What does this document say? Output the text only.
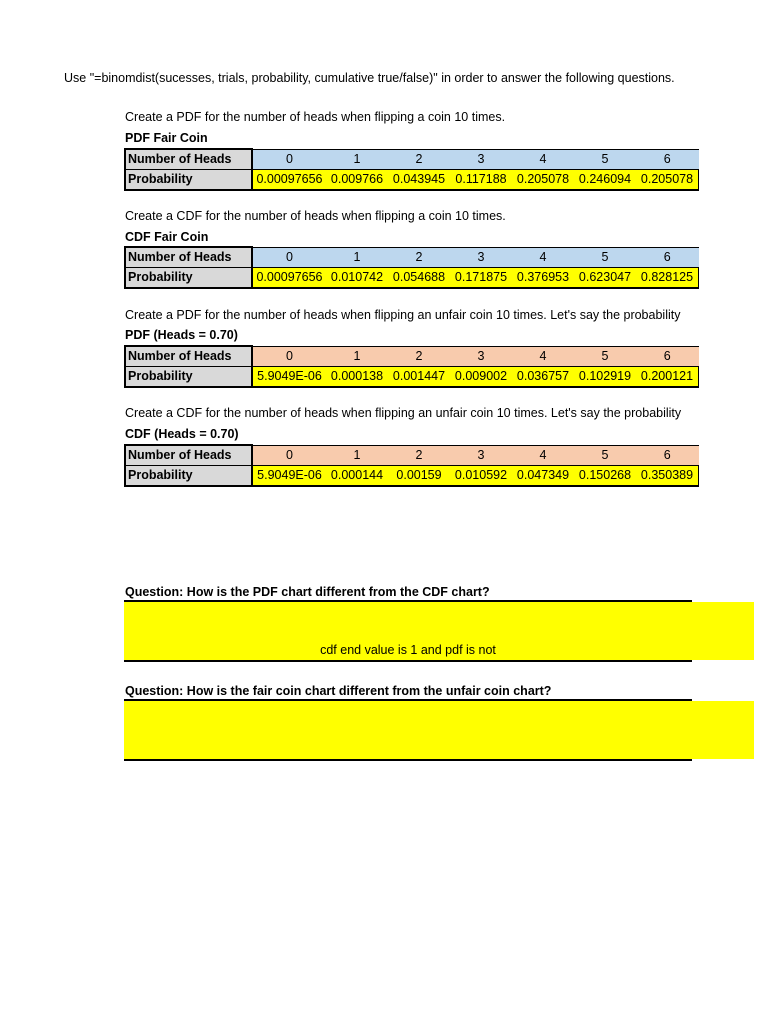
Use "=binomdist(sucesses, trials, probability, cumulative true/false)" in order to answer the following questions.
Create a PDF for the number of heads when flipping a coin 10 times.
PDF Fair Coin
Number of Heads	0	1	2	3	4	5	6
Probability	0.00097656	0.009766	0.043945	0.117188	0.205078	0.246094	0.205078
Create a CDF for the number of heads when flipping a coin 10 times.
CDF Fair Coin
Number of Heads	0	1	2	3	4	5	6
Probability	0.00097656	0.010742	0.054688	0.171875	0.376953	0.623047	0.828125
Create a PDF for the number of heads when flipping an unfair coin 10 times. Let's say the probability
PDF (Heads = 0.70)
Number of Heads	0	1	2	3	4	5	6
Probability	5.9049E-06	0.000138	0.001447	0.009002	0.036757	0.102919	0.200121
Create a CDF for the number of heads when flipping an unfair coin 10 times. Let's say the probability
CDF (Heads = 0.70)
Number of Heads	0	1	2	3	4	5	6
Probability	5.9049E-06	0.000144	0.00159	0.010592	0.047349	0.150268	0.350389
Question: How is the PDF chart different from the CDF chart?
cdf end value is 1 and pdf is not
Question: How is the fair coin chart different from the unfair coin chart?
